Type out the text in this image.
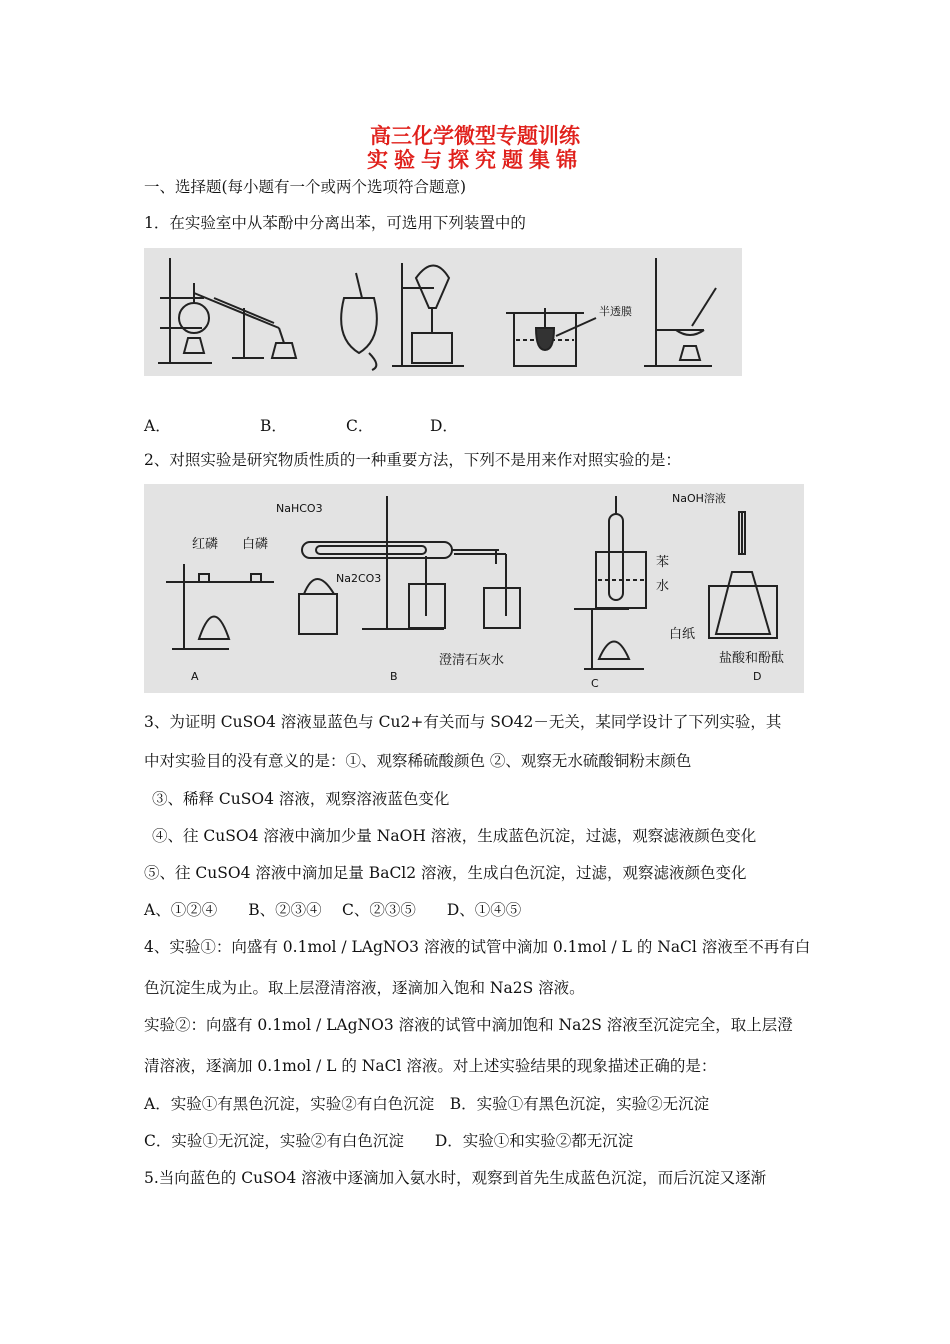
高三化学微型专题训练
实验与探究题集锦
一、选择题(每小题有一个或两个选项符合题意)
1．在实验室中从苯酚中分离出苯，可选用下列装置中的
半透膜
A．	B．	C．	D．
2、对照实验是研究物质性质的一种重要方法，下列不是用来作对照实验的是：
红磷 白磷
NaHCO3
Na2CO3
澄清石灰水
苯
水
NaOH溶液
白纸
盐酸和酚酞
A	B
C
D
3、为证明 CuSO4 溶液显蓝色与 Cu2+有关而与 SO42－无关，某同学设计了下列实验，其
中对实验目的没有意义的是：①、观察稀硫酸颜色 ②、观察无水硫酸铜粉末颜色
③、稀释 CuSO4 溶液，观察溶液蓝色变化
④、往 CuSO4 溶液中滴加少量 NaOH 溶液，生成蓝色沉淀，过滤，观察滤液颜色变化
⑤、往 CuSO4 溶液中滴加足量 BaCl2 溶液，生成白色沉淀，过滤，观察滤液颜色变化
A、①②④　　B、②③④　 C、②③⑤　　D、①④⑤
4、实验①：向盛有 0.1mol / LAgNO3 溶液的试管中滴加 0.1mol / L 的 NaCl 溶液至不再有白
色沉淀生成为止。取上层澄清溶液，逐滴加入饱和 Na2S 溶液。
实验②：向盛有 0.1mol / LAgNO3 溶液的试管中滴加饱和 Na2S 溶液至沉淀完全，取上层澄
清溶液，逐滴加 0.1mol / L 的 NaCl 溶液。对上述实验结果的现象描述正确的是：
A．实验①有黑色沉淀，实验②有白色沉淀　B．实验①有黑色沉淀，实验②无沉淀
C．实验①无沉淀，实验②有白色沉淀　　D．实验①和实验②都无沉淀
5.当向蓝色的 CuSO4 溶液中逐滴加入氨水时，观察到首先生成蓝色沉淀，而后沉淀又逐渐
